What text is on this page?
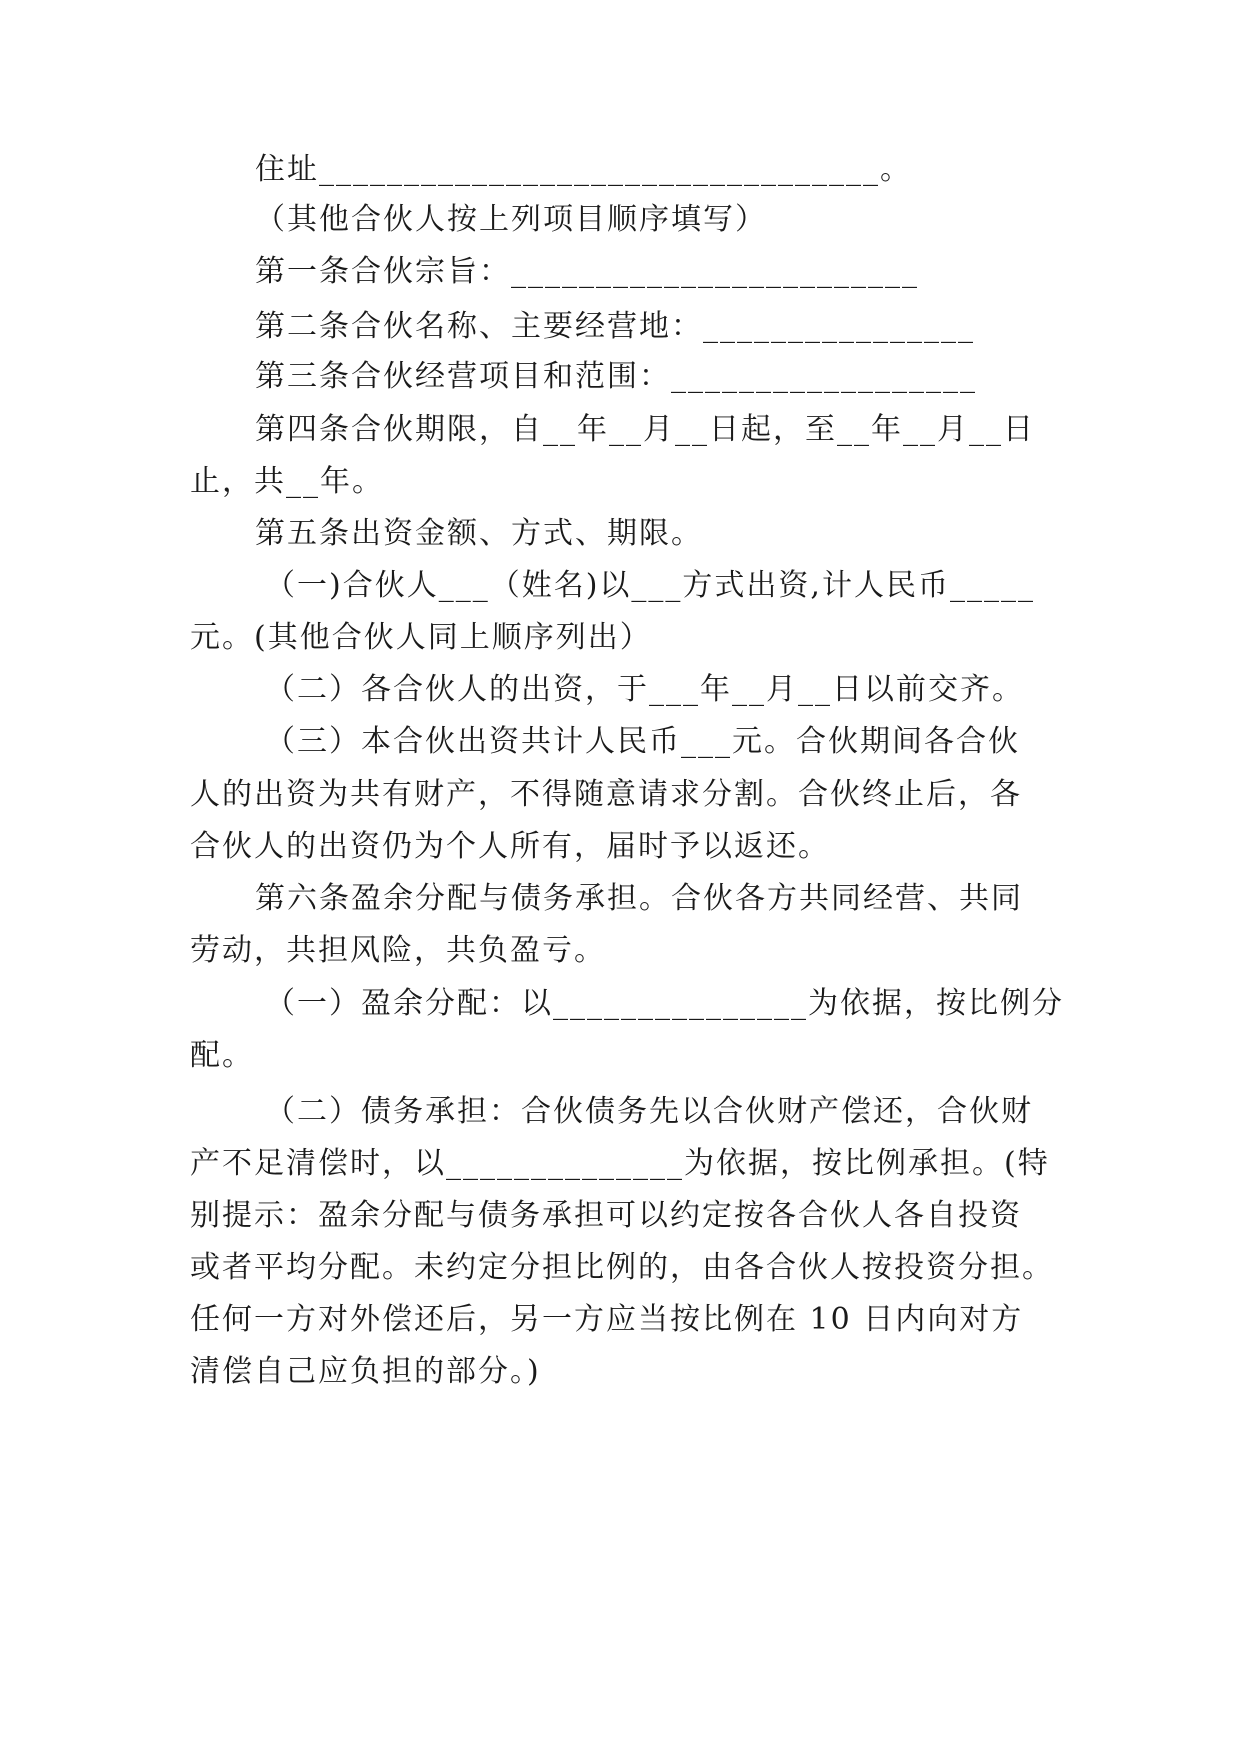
住址_________________________________。
（其他合伙人按上列项目顺序填写）
第一条合伙宗旨：________________________
第二条合伙名称、主要经营地：________________
第三条合伙经营项目和范围：__________________
第四条合伙期限，自__年__月__日起，至__年__月__日
止，共__年。
第五条出资金额、方式、期限。
（一)合伙人___（姓名)以___方式出资,计人民币_____
元。(其他合伙人同上顺序列出）
（二）各合伙人的出资，于___年__月__日以前交齐。
（三）本合伙出资共计人民币___元。合伙期间各合伙
人的出资为共有财产，不得随意请求分割。合伙终止后，各
合伙人的出资仍为个人所有，届时予以返还。
第六条盈余分配与债务承担。合伙各方共同经营、共同
劳动，共担风险，共负盈亏。
（一）盈余分配：以_______________为依据，按比例分
配。
（二）债务承担：合伙债务先以合伙财产偿还，合伙财
产不足清偿时，以______________为依据，按比例承担。(特
别提示：盈余分配与债务承担可以约定按各合伙人各自投资
或者平均分配。未约定分担比例的，由各合伙人按投资分担。
任何一方对外偿还后，另一方应当按比例在 10 日内向对方
清偿自己应负担的部分。)
